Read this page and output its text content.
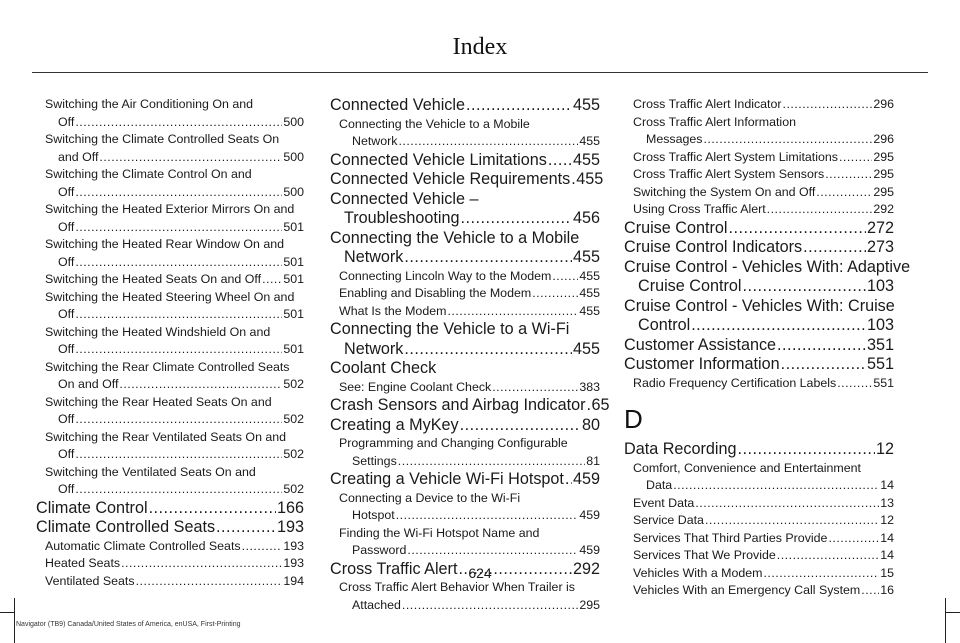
Index
Switching the Air Conditioning On and
Off .....	500
Switching the Climate Controlled Seats On
and Off .....	500
Switching the Climate Control On and
Off .....	500
Switching the Heated Exterior Mirrors On and
Off .....	501
Switching the Heated Rear Window On and
Off .....	501
Switching the Heated Seats On and Off ..... 501
Switching the Heated Steering Wheel On and
Off .....	501
Switching the Heated Windshield On and
Off .....	501
Switching the Rear Climate Controlled Seats
On and Off .....	502
Switching the Rear Heated Seats On and
Off .....	502
Switching the Rear Ventilated Seats On and
Off .....	502
Switching the Ventilated Seats On and
Off .....	502
Climate Control .....	166
Climate Controlled Seats .....	193
Automatic Climate Controlled Seats .....	193
Heated Seats .....	193
Ventilated Seats .....	194
Connected Vehicle .....	455
Connecting the Vehicle to a Mobile
Network .....	455
Connected Vehicle Limitations ..... 455
Connected Vehicle Requirements ..... 455
Connected Vehicle –
Troubleshooting .....	456
Connecting the Vehicle to a Mobile
Network .....	455
Connecting Lincoln Way to the Modem ..... 455
Enabling and Disabling the Modem .....	455
What Is the Modem .....	455
Connecting the Vehicle to a Wi-Fi
Network .....	455
Coolant Check
See: Engine Coolant Check .....	383
Crash Sensors and Airbag Indicator ..... 65
Creating a MyKey .....	80
Programming and Changing Configurable
Settings .....	81
Creating a Vehicle Wi-Fi Hotspot ..... 459
Connecting a Device to the Wi-Fi
Hotspot .....	459
Finding the Wi-Fi Hotspot Name and
Password .....	459
Cross Traffic Alert .....	292
Cross Traffic Alert Behavior When Trailer is
Attached .....	295
Cross Traffic Alert Indicator .....	296
Cross Traffic Alert Information
Messages .....	296
Cross Traffic Alert System Limitations .....	295
Cross Traffic Alert System Sensors .....	295
Switching the System On and Off .....	295
Using Cross Traffic Alert .....	292
Cruise Control .....	272
Cruise Control Indicators .....	273
Cruise Control - Vehicles With: Adaptive
Cruise Control .....	103
Cruise Control - Vehicles With: Cruise
Control .....	103
Customer Assistance .....	351
Customer Information .....	551
Radio Frequency Certification Labels .....	551
D
Data Recording .....	12
Comfort, Convenience and Entertainment
Data .....	14
Event Data .....	13
Service Data .....	12
Services That Third Parties Provide .....	14
Services That We Provide .....	14
Vehicles With a Modem .....	15
Vehicles With an Emergency Call System ..... 16
624
Navigator (TB9) Canada/United States of America, enUSA, First-Printing
